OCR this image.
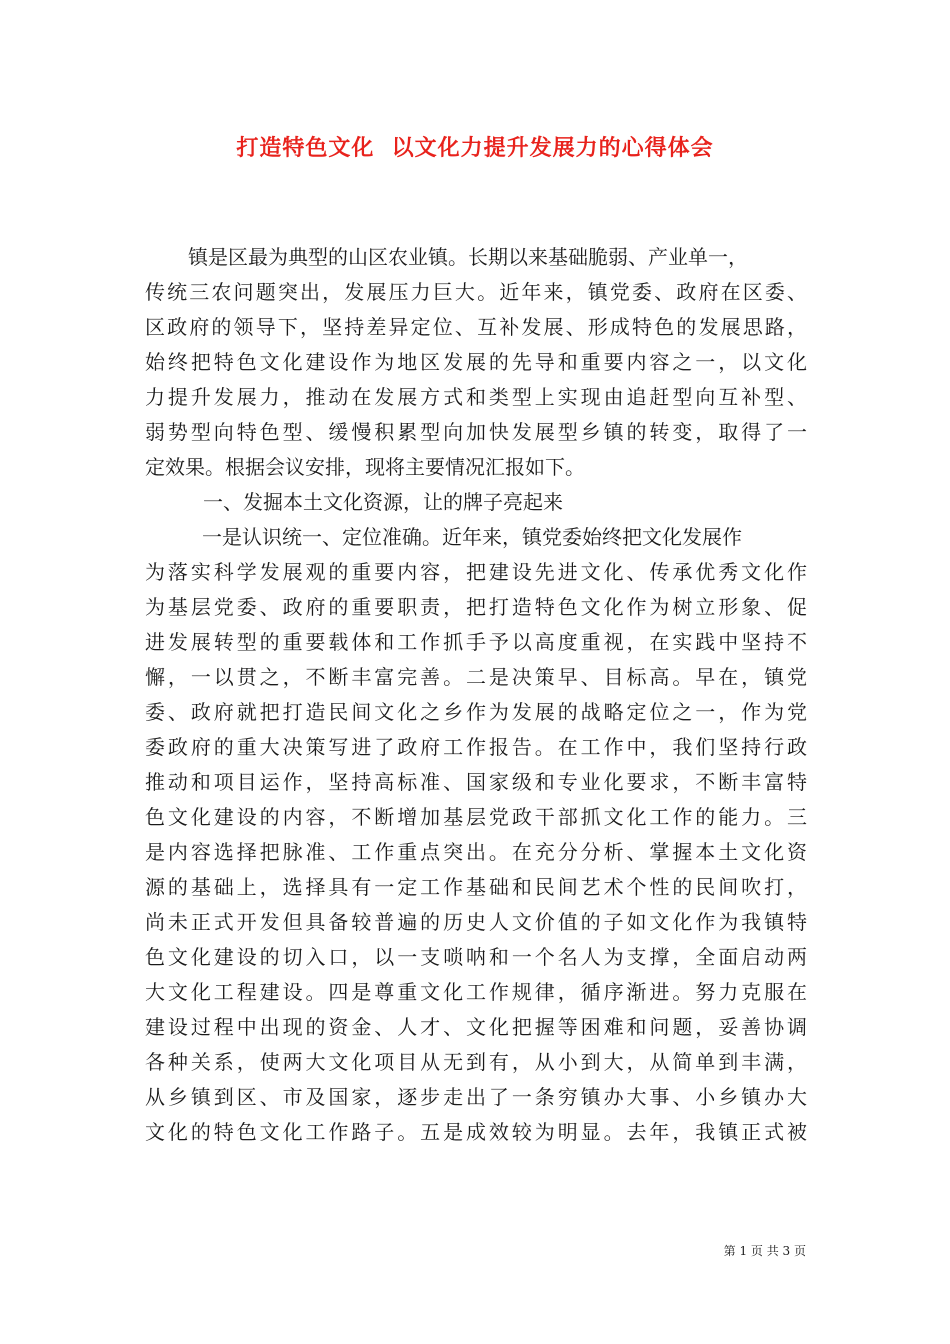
打造特色文化  以文化力提升发展力的心得体会
镇是区最为典型的山区农业镇。长期以来基础脆弱、产业单一，
传统三农问题突出，发展压力巨大。近年来，镇党委、政府在区委、
区政府的领导下，坚持差异定位、互补发展、形成特色的发展思路，
始终把特色文化建设作为地区发展的先导和重要内容之一，以文化
力提升发展力，推动在发展方式和类型上实现由追赶型向互补型、
弱势型向特色型、缓慢积累型向加快发展型乡镇的转变，取得了一
定效果。根据会议安排，现将主要情况汇报如下。
一、发掘本土文化资源，让的牌子亮起来
一是认识统一、定位准确。近年来，镇党委始终把文化发展作
为落实科学发展观的重要内容，把建设先进文化、传承优秀文化作
为基层党委、政府的重要职责，把打造特色文化作为树立形象、促
进发展转型的重要载体和工作抓手予以高度重视，在实践中坚持不
懈，一以贯之，不断丰富完善。二是决策早、目标高。早在，镇党
委、政府就把打造民间文化之乡作为发展的战略定位之一，作为党
委政府的重大决策写进了政府工作报告。在工作中，我们坚持行政
推动和项目运作，坚持高标准、国家级和专业化要求，不断丰富特
色文化建设的内容，不断增加基层党政干部抓文化工作的能力。三
是内容选择把脉准、工作重点突出。在充分分析、掌握本土文化资
源的基础上，选择具有一定工作基础和民间艺术个性的民间吹打，
尚未正式开发但具备较普遍的历史人文价值的子如文化作为我镇特
色文化建设的切入口，以一支唢呐和一个名人为支撑，全面启动两
大文化工程建设。四是尊重文化工作规律，循序渐进。努力克服在
建设过程中出现的资金、人才、文化把握等困难和问题，妥善协调
各种关系，使两大文化项目从无到有，从小到大，从简单到丰满，
从乡镇到区、市及国家，逐步走出了一条穷镇办大事、小乡镇办大
文化的特色文化工作路子。五是成效较为明显。去年，我镇正式被
第 1 页 共 3 页
